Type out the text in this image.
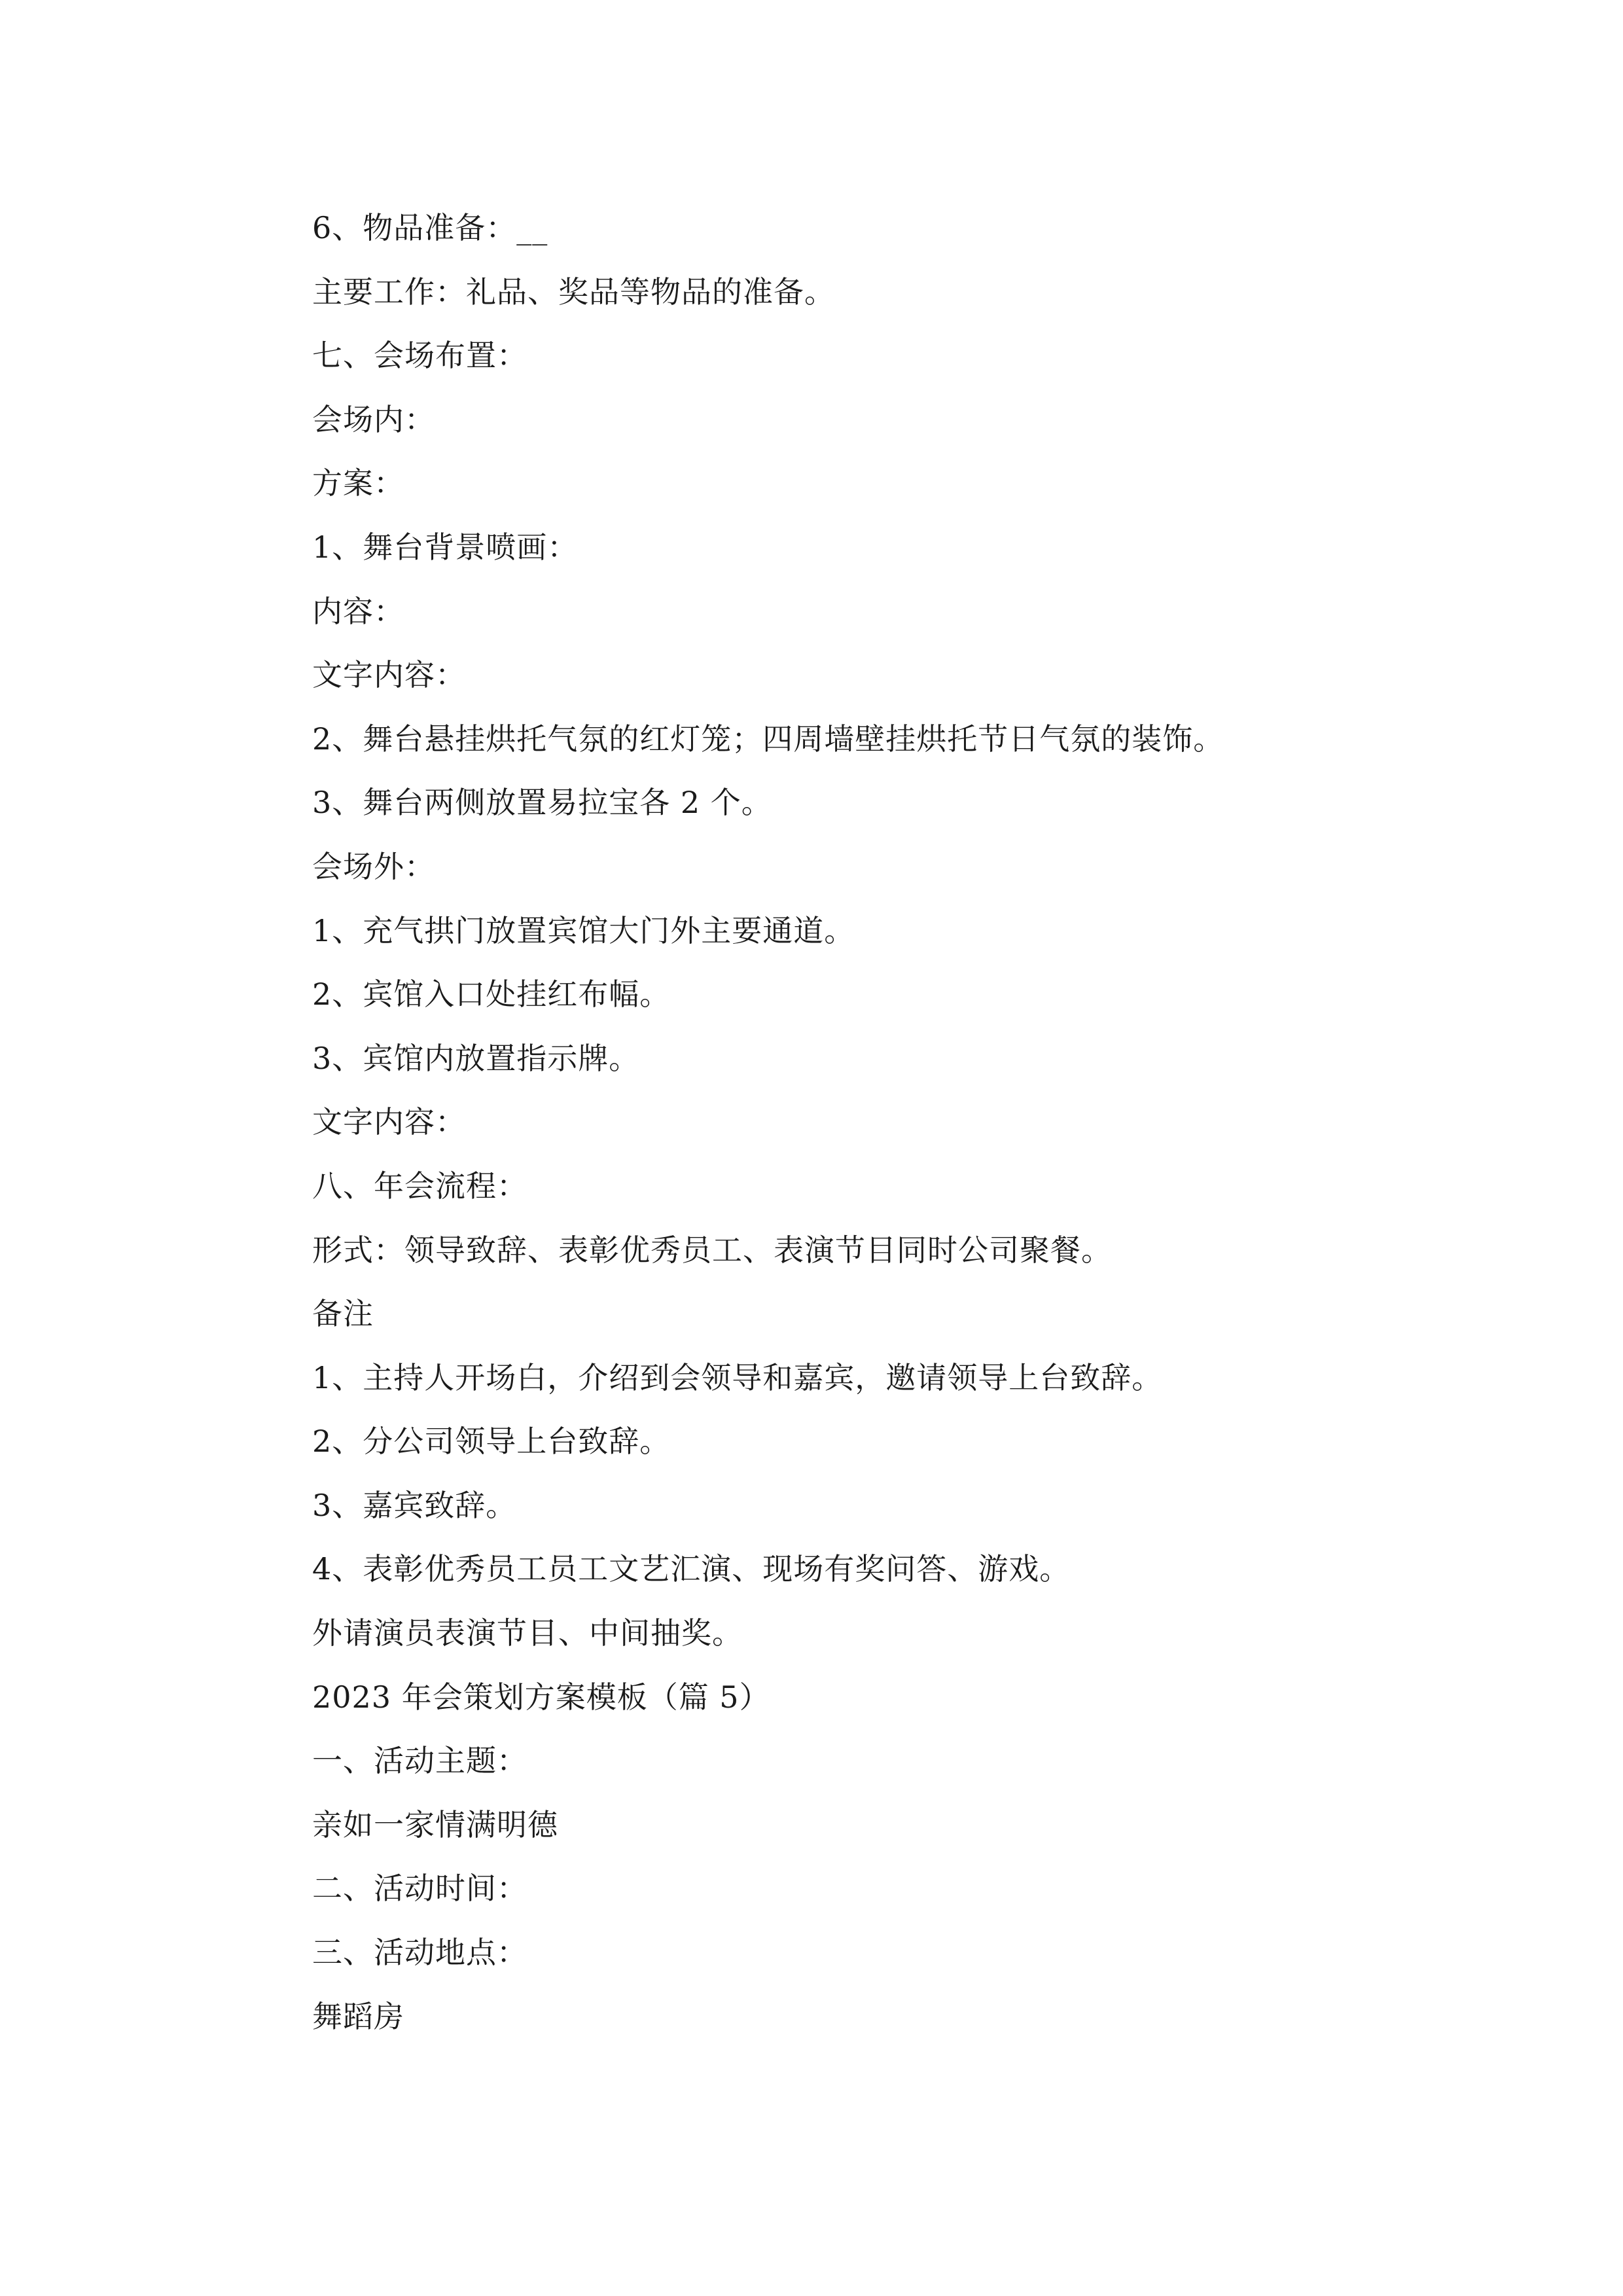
6、物品准备：__
主要工作：礼品、奖品等物品的准备。
七、会场布置：
会场内：
方案：
1、舞台背景喷画：
内容：
文字内容：
2、舞台悬挂烘托气氛的红灯笼；四周墙壁挂烘托节日气氛的装饰。
3、舞台两侧放置易拉宝各 2 个。
会场外：
1、充气拱门放置宾馆大门外主要通道。
2、宾馆入口处挂红布幅。
3、宾馆内放置指示牌。
文字内容：
八、年会流程：
形式：领导致辞、表彰优秀员工、表演节目同时公司聚餐。
备注
1、主持人开场白，介绍到会领导和嘉宾，邀请领导上台致辞。
2、分公司领导上台致辞。
3、嘉宾致辞。
4、表彰优秀员工员工文艺汇演、现场有奖问答、游戏。
外请演员表演节目、中间抽奖。
2023 年会策划方案模板（篇 5）
一、活动主题：
亲如一家情满明德
二、活动时间：
三、活动地点：
舞蹈房
